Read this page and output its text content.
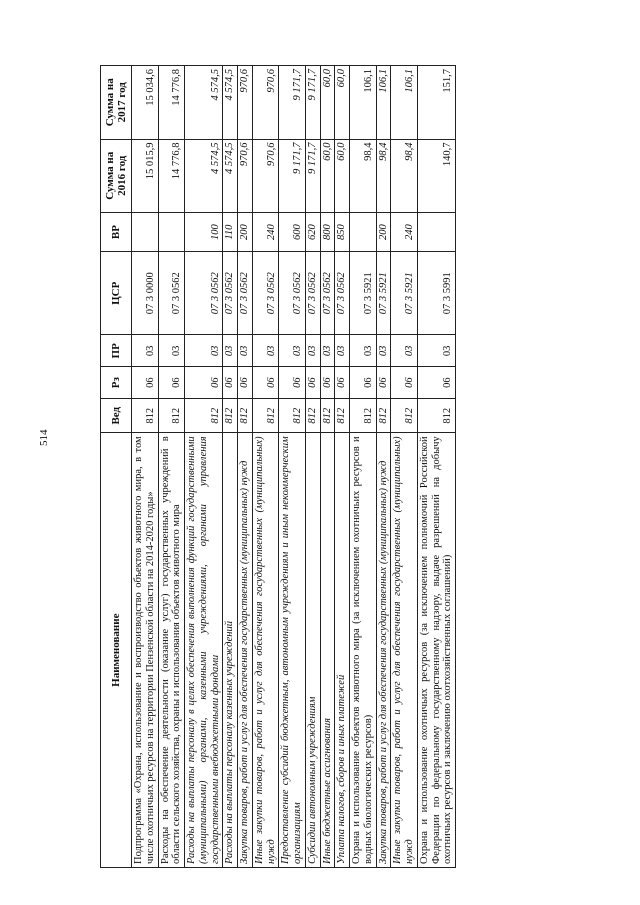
514
Наименование	Вед	Рз	ПР	ЦСР	ВР	Сумма на 2016 год	Сумма на 2017 год
Подпрограмма «Охрана, использование и воспроизводство объектов животного мира, в том числе охотничьих ресурсов на территории Пензенской области на 2014-2020 годы»	812	06	03	07 3 0000		15 015,9	15 034,6
Расходы на обеспечение деятельности (оказание услуг) государственных учреждений в области сельского хозяйства, охраны и использования объектов животного мира	812	06	03	07 3 0562		14 776,8	14 776,8
Расходы на выплаты персоналу в целях обеспечения выполнения функций государственными (муниципальными) органами, казенными учреждениями, органами управления государственными внебюджетными фондами	812	06	03	07 3 0562	100	4 574,5	4 574,5
Расходы на выплаты персоналу казенных учреждений	812	06	03	07 3 0562	110	4 574,5	4 574,5
Закупка товаров, работ и услуг для обеспечения государственных (муниципальных) нужд	812	06	03	07 3 0562	200	970,6	970,6
Иные закупки товаров, работ и услуг для обеспечения государственных (муниципальных) нужд	812	06	03	07 3 0562	240	970,6	970,6
Предоставление субсидий бюджетным, автономным учреждениям и иным некоммерческим организациям	812	06	03	07 3 0562	600	9 171,7	9 171,7
Субсидии автономным учреждениям	812	06	03	07 3 0562	620	9 171,7	9 171,7
Иные бюджетные ассигнования	812	06	03	07 3 0562	800	60,0	60,0
Уплата налогов, сборов и иных платежей	812	06	03	07 3 0562	850	60,0	60,0
Охрана и использование объектов животного мира (за исключением охотничьих ресурсов и водных биологических ресурсов)	812	06	03	07 3 5921		98,4	106,1
Закупка товаров, работ и услуг для обеспечения государственных (муниципальных) нужд	812	06	03	07 3 5921	200	98,4	106,1
Иные закупки товаров, работ и услуг для обеспечения государственных (муниципальных) нужд	812	06	03	07 3 5921	240	98,4	106,1
Охрана и использование охотничьих ресурсов (за исключением полномочий Российской Федерации по федеральному государственному надзору, выдаче разрешений на добычу охотничьих ресурсов и заключению охотхозяйственных соглашений)	812	06	03	07 3 5991		140,7	151,7
